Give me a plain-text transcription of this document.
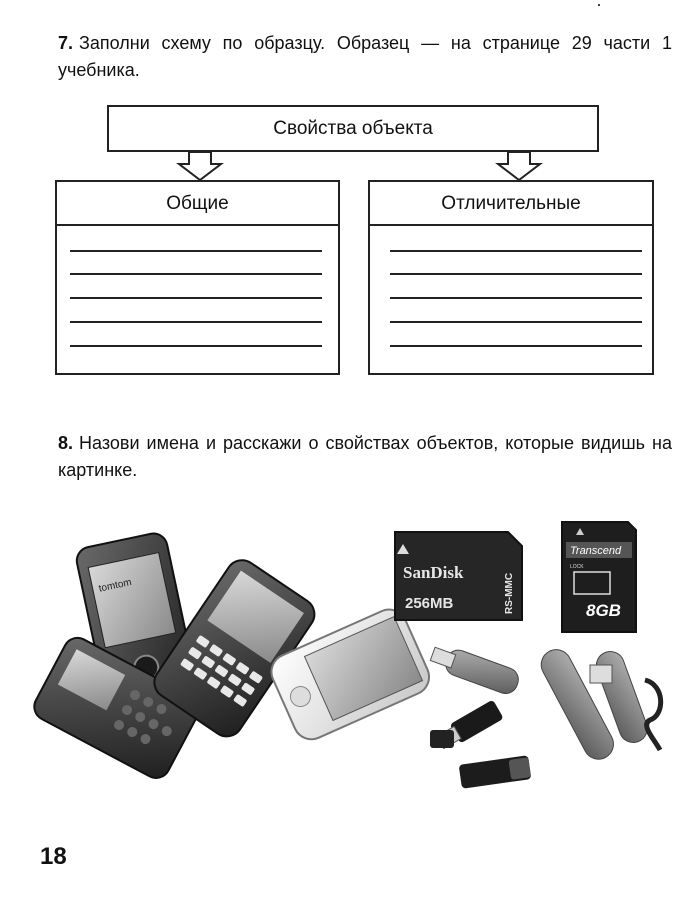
7. Заполни схему по образцу. Образец — на странице 29 части 1 учебника.
Свойства объекта
Общие	Отличительные
8. Назови имена и расскажи о свойствах объектов, которые видишь на картинке.
tomtom
SanDisk
256MB	RS-MMC
Transcend
LOCK
8GB
18
